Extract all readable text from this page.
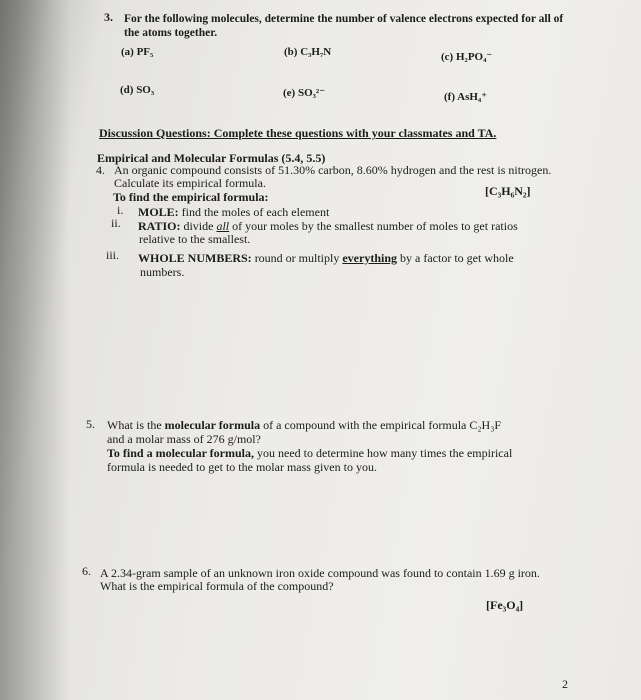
3. For the following molecules, determine the number of valence electrons expected for all of
the atoms together.
(a) PF₅	(b) C₃H₇N	(c) H₂PO₄⁻
(d) SO₃	(e) SO₃²⁻	(f) AsH₄⁺
Discussion Questions: Complete these questions with your classmates and TA.
Empirical and Molecular Formulas (5.4, 5.5)
4. An organic compound consists of 51.30% carbon, 8.60% hydrogen and the rest is nitrogen.
Calculate its empirical formula.
[C₃H₆N₂]
To find the empirical formula:
i. MOLE: find the moles of each element
ii. RATIO: divide all of your moles by the smallest number of moles to get ratios
relative to the smallest.
iii. WHOLE NUMBERS: round or multiply everything by a factor to get whole
numbers.
5. What is the molecular formula of a compound with the empirical formula C₂H₃F
and a molar mass of 276 g/mol?
To find a molecular formula, you need to determine how many times the empirical
formula is needed to get to the molar mass given to you.
6. A 2.34-gram sample of an unknown iron oxide compound was found to contain 1.69 g iron.
What is the empirical formula of the compound?
[Fe₃O₄]
2
